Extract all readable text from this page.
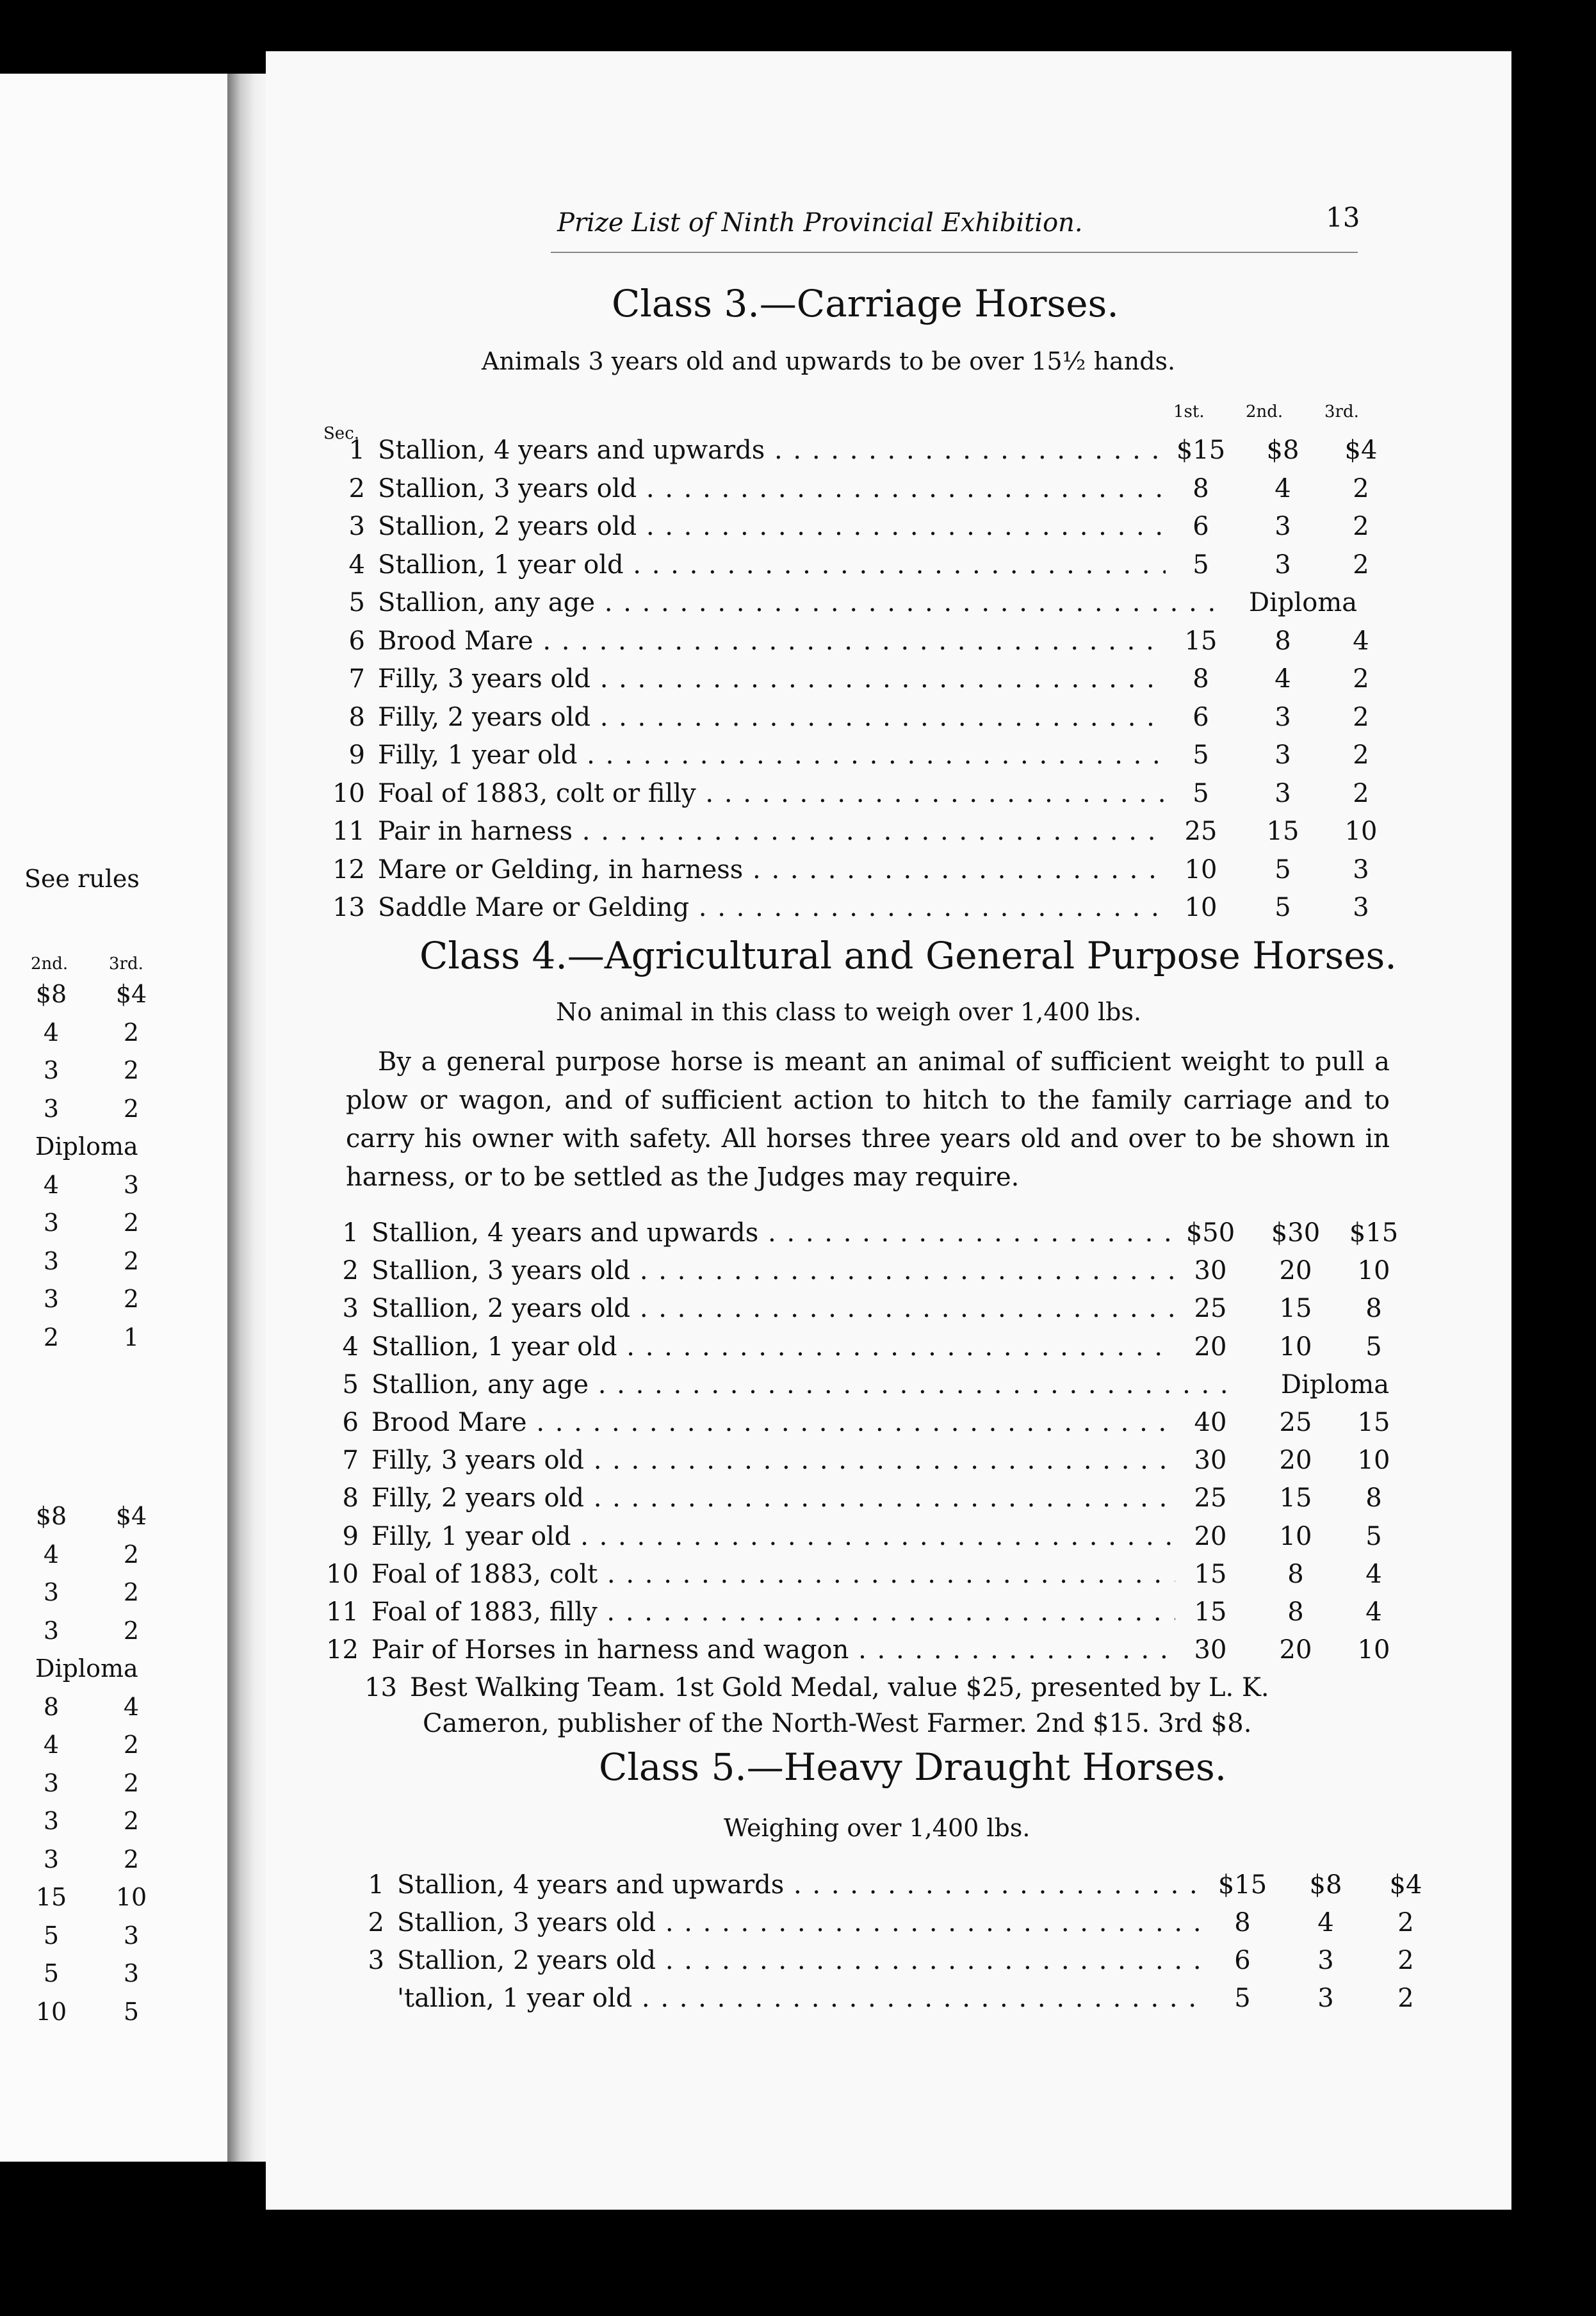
See rules
2nd. 3rd.
$8	$4
4	2
3	2
3	2
Diploma
4	3
3	2
3	2
3	2
2	1
$8	$4
4	2
3	2
3	2
Diploma
8	4
4	2
3	2
3	2
3	2
15	10
5	3
5	3
10	5
Prize List of Ninth Provincial Exhibition.	13
Class 3.—Carriage Horses.
Animals 3 years old and upwards to be over 15½ hands.
Sec.
1st. 2nd. 3rd.
1 Stallion, 4 years and upwards . . .	$15	$8	$4
2 Stallion, 3 years old . . .	8	4	2
3 Stallion, 2 years old . . .	6	3	2
4 Stallion, 1 year old . . .	5	3	2
5 Stallion, any age . . .	Diploma
6 Brood Mare . . .	15	8	4
7 Filly, 3 years old . . .	8	4	2
8 Filly, 2 years old . . .	6	3	2
9 Filly, 1 year old . . .	5	3	2
10 Foal of 1883, colt or filly . . .	5	3	2
11 Pair in harness . . .	25	15	10
12 Mare or Gelding, in harness . . .	10	5	3
13 Saddle Mare or Gelding . . .	10	5	3
Class 4.—Agricultural and General Purpose Horses.
No animal in this class to weigh over 1,400 lbs.
By a general purpose horse is meant an animal of sufficient weight to pull a plow or wagon, and of sufficient action to hitch to the family carriage and to carry his owner with safety. All horses three years old and over to be shown in harness, or to be settled as the Judges may require.
1 Stallion, 4 years and upwards . . .	$50	$30	$15
2 Stallion, 3 years old . . .	30	20	10
3 Stallion, 2 years old . . .	25	15	8
4 Stallion, 1 year old . . .	20	10	5
5 Stallion, any age . . .	Diploma
6 Brood Mare . . .	40	25	15
7 Filly, 3 years old . . .	30	20	10
8 Filly, 2 years old . . .	25	15	8
9 Filly, 1 year old . . .	20	10	5
10 Foal of 1883, colt . . .	15	8	4
11 Foal of 1883, filly . . .	15	8	4
12 Pair of Horses in harness and wagon . . .	30	20	10
13 Best Walking Team. 1st Gold Medal, value $25, presented by L. K.
Cameron, publisher of the North-West Farmer. 2nd $15. 3rd $8.
Class 5.—Heavy Draught Horses.
Weighing over 1,400 lbs.
1 Stallion, 4 years and upwards . . .	$15	$8	$4
2 Stallion, 3 years old . . .	8	4	2
3 Stallion, 2 years old . . .	6	3	2
'tallion, 1 year old . . .	5	3	2
